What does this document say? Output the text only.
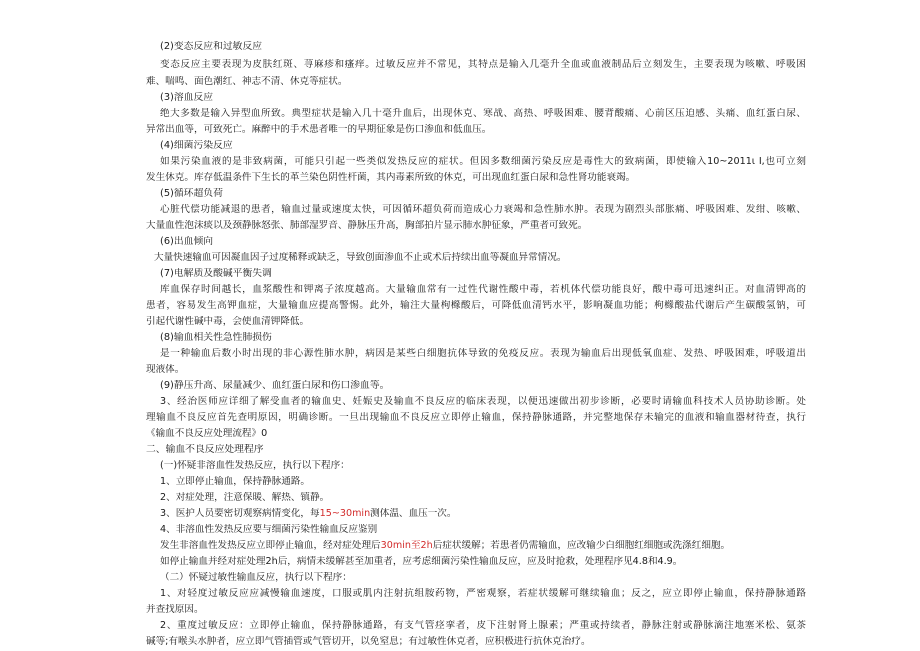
(2)变态反应和过敏反应
变态反应主要表现为皮肤红斑、荨麻疹和瘙痒。过敏反应并不常见，其特点是输入几毫升全血或血液制品后立刻发生，主要表现为咳嗽、呼吸困
难、喘鸣、面色潮红、神志不清、休克等症状。
(3)溶血反应
绝大多数是输入异型血所致。典型症状是输入几十毫升血后，出现休克、寒战、高热、呼吸困难、腰背酸痛、心前区压迫感、头痛、血红蛋白尿、
异常出血等，可致死亡。麻醉中的手术患者唯一的早期征象是伤口渗血和低血压。
(4)细菌污染反应
如果污染血液的是非致病菌，可能只引起一些类似发热反应的症状。但因多数细菌污染反应是毒性大的致病菌，即使输入10~2011ι I,也可立刻
发生休克。库存低温条件下生长的革兰染色阴性杆菌，其内毒素所致的休克，可出现血红蛋白尿和急性肾功能衰竭。
(5)循环超负荷
心脏代偿功能减退的患者，输血过量或速度太快，可因循环超负荷而造成心力衰竭和急性肺水肿。表现为剧烈头部胀痛、呼吸困难、发绀、咳嗽、
大量血性泡沫痰以及颈静脉怒张、肺部湿罗音、静脉压升高，胸部拍片显示肺水肿征象，严重者可致死。
(6)出血倾向
大量快速输血可因凝血因子过度稀释或缺乏，导致创面渗血不止或术后持续出血等凝血异常情况。
(7)电解质及酸碱平衡失调
库血保存时间越长，血浆酸性和钾离子浓度越高。大量输血常有一过性代谢性酸中毒，若机体代偿功能良好，酸中毒可迅速纠正。对血清钾高的
患者，容易发生高钾血症，大量输血应提高警惕。此外，输注大量枸橼酸后，可降低血清钙水平，影响凝血功能；枸橼酸盐代谢后产生碳酸氢钠，可
引起代谢性碱中毒，会使血清钾降低。
(8)输血相关性急性肺损伤
是一种输血后数小时出现的非心源性肺水肿，病因是某些白细胞抗体导致的免疫反应。表现为输血后出现低氧血症、发热、呼吸困难，呼吸道出
现液体。
(9)静压升高、尿量减少、血红蛋白尿和伤口渗血等。
3、经治医师应详细了解受血者的输血史、妊娠史及输血不良反应的临床表现，以便迅速做出初步诊断，必要时请输血科技术人员协助诊断。处
理输血不良反应首先查明原因，明确诊断。一旦出现输血不良反应立即停止输血，保持静脉通路，并完整地保存未输完的血液和输血器材待查，执行
《输血不良反应处理流程》0
二、输血不良反应处理程序
(一)怀疑非溶血性发热反应，执行以下程序：
1、立即停止输血，保持静脉通路。
2、对症处理，注意保暖、解热、镇静。
3、医护人员要密切观察病情变化，每15~30min测体温、血压一次。
4、非溶血性发热反应要与细菌污染性输血反应鉴别
发生非溶血性发热反应立即停止输血，经对症处理后30min至2h后症状缓解；若患者仍需输血，应改输少白细胞红细胞或洗涤红细胞。
如停止输血并经对症处理2h后，病情未缓解甚至加重者，应考虑细菌污染性输血反应，应及时抢救，处理程序见4.8和4.9。
（二）怀疑过敏性输血反应，执行以下程序：
1、对轻度过敏反应应减慢输血速度，口服或肌内注射抗组胺药物，严密观察，若症状缓解可继续输血；反之，应立即停止输血，保持静脉通路
并查找原因。
2、重度过敏反应：立即停止输血，保持静脉通路，有支气管痉挛者，皮下注射肾上腺素；严重或持续者，静脉注射或静脉滴注地塞米松、氨茶
碱等;有喉头水肿者，应立即气管插管或气管切开，以免窒息；有过敏性休克者，应积极进行抗休克治疗。
